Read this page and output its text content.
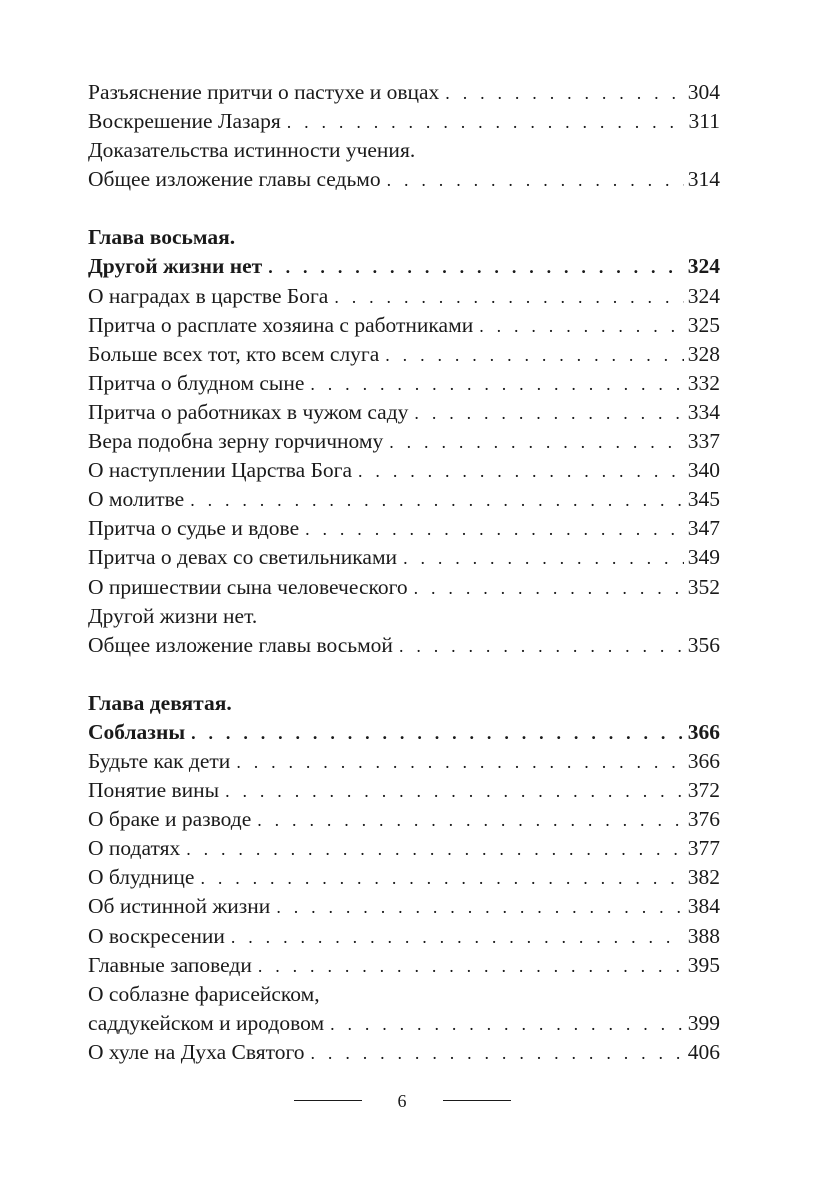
Разъяснение притчи о пастухе и овцах . . .	304
Воскрешение Лазаря . . .	311
Доказательства истинности учения.
Общее изложение главы седьмо . . .	314
Глава восьмая.
Другой жизни нет . . .	324
О наградах в царстве Бога . . .	324
Притча о расплате хозяина с работниками . . .	325
Больше всех тот, кто всем слуга . . .	328
Притча о блудном сыне . . .	332
Притча о работниках в чужом саду . . .	334
Вера подобна зерну горчичному . . .	337
О наступлении Царства Бога . . .	340
О молитве . . .	345
Притча о судье и вдове . . .	347
Притча о девах со светильниками . . .	349
О пришествии сына человеческого . . .	352
Другой жизни нет.
Общее изложение главы восьмой . . .	356
Глава девятая.
Соблазны . . .	366
Будьте как дети . . .	366
Понятие вины . . .	372
О браке и разводе . . .	376
О податях . . .	377
О блуднице . . .	382
Об истинной жизни . . .	384
О воскресении . . .	388
Главные заповеди . . .	395
О соблазне фарисейском,
саддукейском и иродовом . . .	399
О хуле на Духа Святого . . .	406
6
